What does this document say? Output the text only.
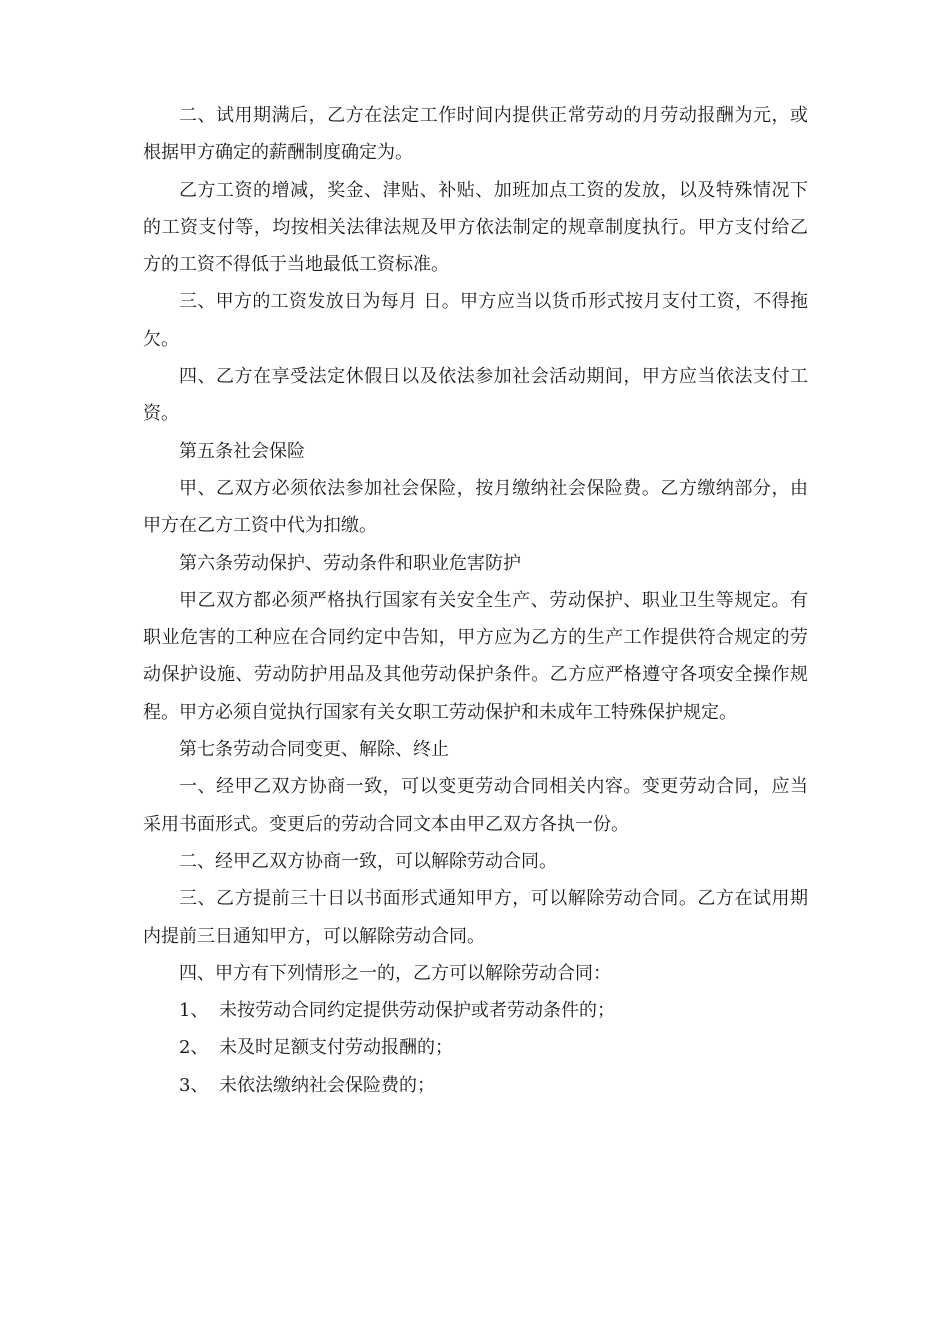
二、试用期满后，乙方在法定工作时间内提供正常劳动的月劳动报酬为元，或根据甲方确定的薪酬制度确定为。

乙方工资的增减，奖金、津贴、补贴、加班加点工资的发放，以及特殊情况下的工资支付等，均按相关法律法规及甲方依法制定的规章制度执行。甲方支付给乙方的工资不得低于当地最低工资标准。

三、甲方的工资发放日为每月 日。甲方应当以货币形式按月支付工资，不得拖欠。

四、乙方在享受法定休假日以及依法参加社会活动期间，甲方应当依法支付工资。

第五条社会保险

甲、乙双方必须依法参加社会保险，按月缴纳社会保险费。乙方缴纳部分，由甲方在乙方工资中代为扣缴。

第六条劳动保护、劳动条件和职业危害防护

甲乙双方都必须严格执行国家有关安全生产、劳动保护、职业卫生等规定。有职业危害的工种应在合同约定中告知，甲方应为乙方的生产工作提供符合规定的劳动保护设施、劳动防护用品及其他劳动保护条件。乙方应严格遵守各项安全操作规程。甲方必须自觉执行国家有关女职工劳动保护和未成年工特殊保护规定。

第七条劳动合同变更、解除、终止

一、经甲乙双方协商一致，可以变更劳动合同相关内容。变更劳动合同，应当采用书面形式。变更后的劳动合同文本由甲乙双方各执一份。

二、经甲乙双方协商一致，可以解除劳动合同。

三、乙方提前三十日以书面形式通知甲方，可以解除劳动合同。乙方在试用期内提前三日通知甲方，可以解除劳动合同。

四、甲方有下列情形之一的，乙方可以解除劳动合同：

1、 未按劳动合同约定提供劳动保护或者劳动条件的；
2、 未及时足额支付劳动报酬的；
3、 未依法缴纳社会保险费的；
